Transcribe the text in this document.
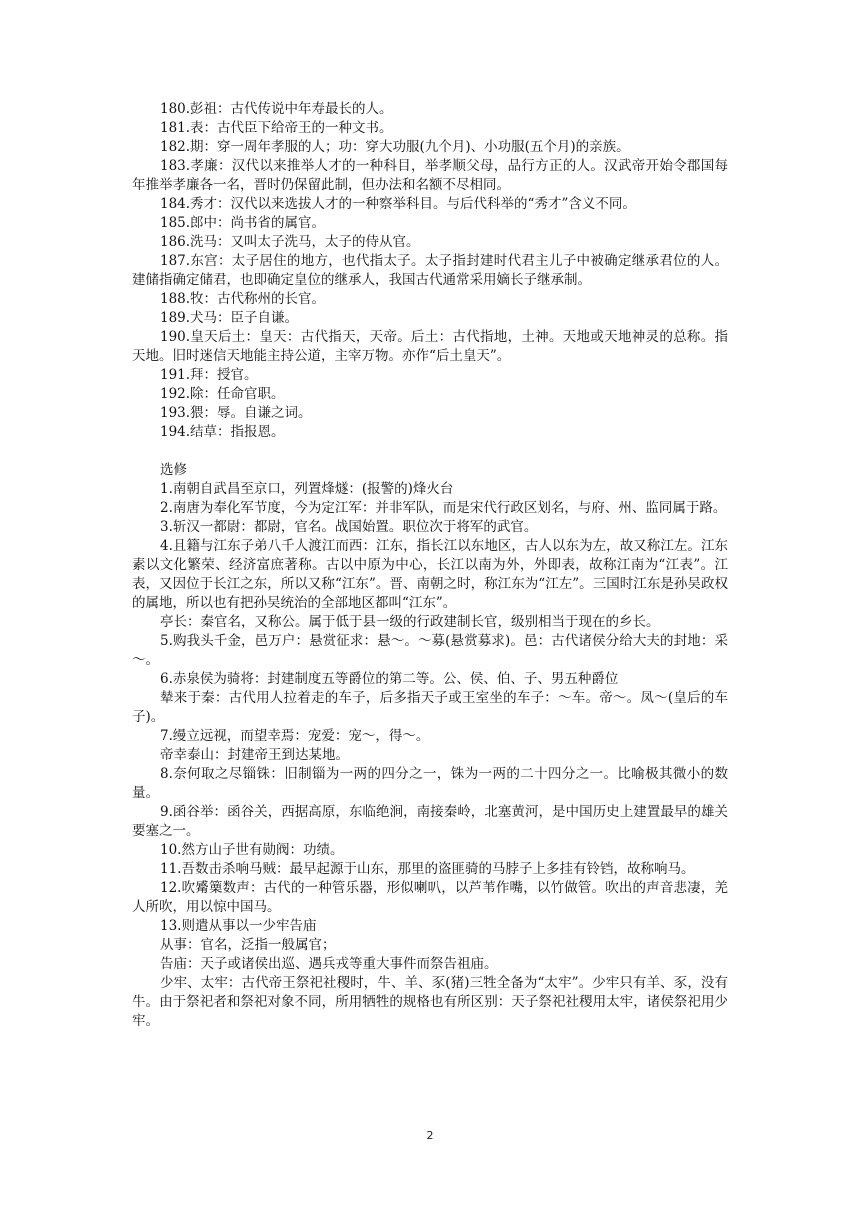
180.彭祖：古代传说中年寿最长的人。

181.表：古代臣下给帝王的一种文书。

182.期：穿一周年孝服的人；功：穿大功服(九个月)、小功服(五个月)的亲族。

183.孝廉：汉代以来推举人才的一种科目，举孝顺父母，品行方正的人。汉武帝开始令郡国每年推举孝廉各一名，晋时仍保留此制，但办法和名额不尽相同。

184.秀才：汉代以来选拔人才的一种察举科目。与后代科举的“秀才”含义不同。

185.郎中：尚书省的属官。

186.洗马：又叫太子洗马，太子的侍从官。

187.东宫：太子居住的地方，也代指太子。太子指封建时代君主儿子中被确定继承君位的人。建储指确定储君，也即确定皇位的继承人，我国古代通常采用嫡长子继承制。

188.牧：古代称州的长官。

189.犬马：臣子自谦。

190.皇天后土：皇天：古代指天，天帝。后土：古代指地，土神。天地或天地神灵的总称。指天地。旧时迷信天地能主持公道，主宰万物。亦作“后土皇天”。

191.拜：授官。

192.除：任命官职。

193.猥：辱。自谦之词。

194.结草：指报恩。

选修

1.南朝自武昌至京口，列置烽燧：(报警的)烽火台

2.南唐为奉化军节度，今为定江军：并非军队，而是宋代行政区划名，与府、州、监同属于路。

3.斩汉一都尉：都尉，官名。战国始置。职位次于将军的武官。

4.且籍与江东子弟八千人渡江而西：江东，指长江以东地区，古人以东为左，故又称江左。江东素以文化繁荣、经济富庶著称。古以中原为中心，长江以南为外，外即表，故称江南为“江表”。江表，又因位于长江之东，所以又称“江东”。晋、南朝之时，称江东为“江左”。三国时江东是孙吴政权的属地，所以也有把孙吴统治的全部地区都叫“江东”。

亭长：秦官名，又称公。属于低于县一级的行政建制长官，级别相当于现在的乡长。

5.购我头千金，邑万户：悬赏征求：悬～。～募(悬赏募求)。邑：古代诸侯分给大夫的封地：采～。

6.赤泉侯为骑将：封建制度五等爵位的第二等。公、侯、伯、子、男五种爵位

辇来于秦：古代用人拉着走的车子，后多指天子或王室坐的车子：～车。帝～。凤～(皇后的车子)。

7.缦立远视，而望幸焉：宠爱：宠～，得～。

帝幸泰山：封建帝王到达某地。

8.奈何取之尽锱铢：旧制锱为一两的四分之一，铢为一两的二十四分之一。比喻极其微小的数量。

9.函谷举：函谷关，西据高原，东临绝涧，南接秦岭，北塞黄河，是中国历史上建置最早的雄关要塞之一。

10.然方山子世有勋阀：功绩。

11.吾数击杀响马贼：最早起源于山东，那里的盗匪骑的马脖子上多挂有铃铛，故称响马。

12.吹觱篥数声：古代的一种管乐器，形似喇叭，以芦苇作嘴，以竹做管。吹出的声音悲凄，羌人所吹，用以惊中国马。

13.则遣从事以一少牢告庙

从事：官名，泛指一般属官；

告庙：天子或诸侯出巡、遇兵戎等重大事件而祭告祖庙。

少牢、太牢：古代帝王祭祀社稷时，牛、羊、豕(猪)三牲全备为“太牢”。少牢只有羊、豕，没有牛。由于祭祀者和祭祀对象不同，所用牺牲的规格也有所区别：天子祭祀社稷用太牢，诸侯祭祀用少牢。

2
